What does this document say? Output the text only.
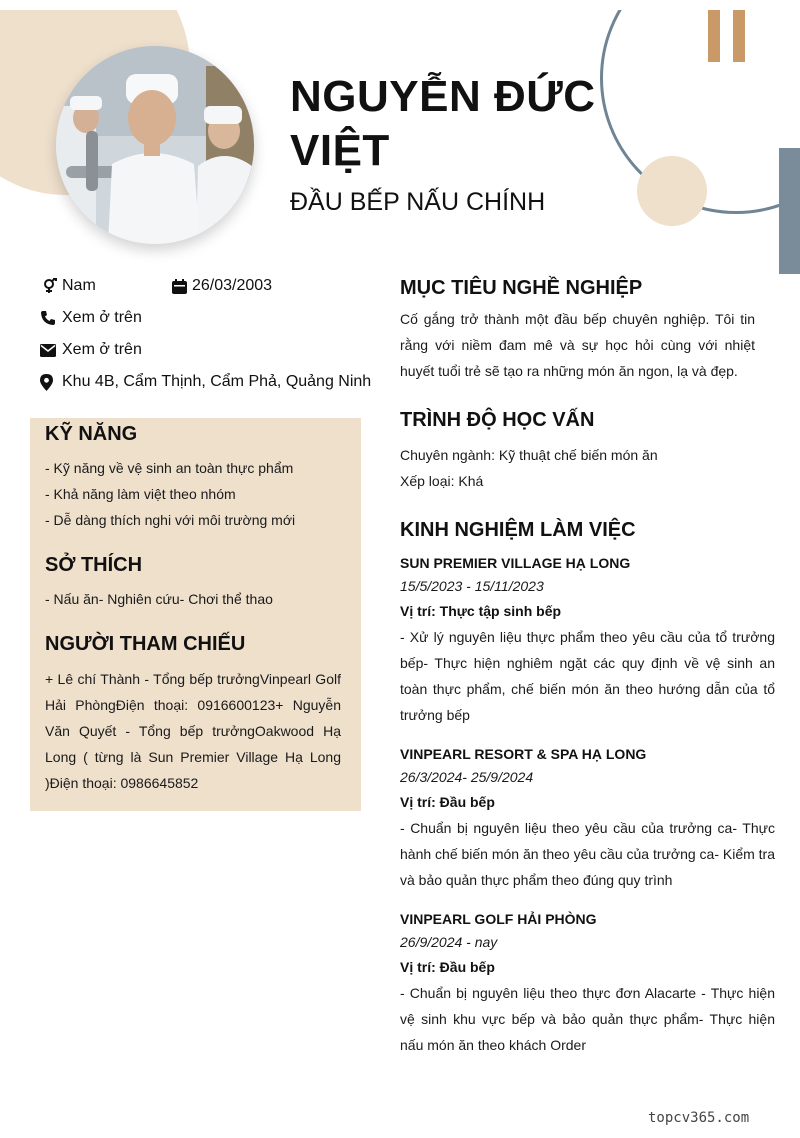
NGUYỄN ĐỨC
VIỆT
ĐẦU BẾP NẤU CHÍNH
Nam	26/03/2003
Xem ở trên
Xem ở trên
Khu 4B, Cẩm Thịnh, Cẩm Phả, Quảng Ninh
KỸ NĂNG
- Kỹ năng về vệ sinh an toàn thực phẩm
- Khả năng làm việt theo nhóm
- Dễ dàng thích nghi với môi trường mới
SỞ THÍCH
- Nấu ăn- Nghiên cứu- Chơi thể thao
NGƯỜI THAM CHIẾU
+ Lê chí Thành - Tổng bếp trưởngVinpearl Golf Hải PhòngĐiện thoại: 0916600123+ Nguyễn Văn Quyết - Tổng bếp trưởngOakwood Hạ Long ( từng là Sun Premier Village Hạ Long )Điện thoại: 0986645852
MỤC TIÊU NGHỀ NGHIỆP
Cố gắng trở thành một đầu bếp chuyên nghiệp. Tôi tin rằng với niềm đam mê và sự học hỏi cùng với nhiệt huyết tuổi trẻ sẽ tạo ra những món ăn ngon, lạ và đẹp.
TRÌNH ĐỘ HỌC VẤN
Chuyên ngành: Kỹ thuật chế biến món ăn
Xếp loại: Khá
KINH NGHIỆM LÀM VIỆC
SUN PREMIER VILLAGE HẠ LONG
15/5/2023 - 15/11/2023
Vị trí: Thực tập sinh bếp
- Xử lý nguyên liệu thực phẩm theo yêu cầu của tổ trưởng bếp- Thực hiện nghiêm ngặt các quy định về vệ sinh an toàn thực phẩm, chế biến món ăn theo hướng dẫn của tổ trưởng bếp
VINPEARL RESORT & SPA HẠ LONG
26/3/2024- 25/9/2024
Vị trí: Đầu bếp
- Chuẩn bị nguyên liệu theo yêu cầu của trưởng ca- Thực hành chế biến món ăn theo yêu cầu của trưởng ca- Kiểm tra và bảo quản thực phẩm theo đúng quy trình
VINPEARL GOLF HẢI PHÒNG
26/9/2024 - nay
Vị trí: Đầu bếp
- Chuẩn bị nguyên liệu theo thực đơn Alacarte - Thực hiện vệ sinh khu vực bếp và bảo quản thực phẩm- Thực hiện nấu món ăn theo khách Order
topcv365.com
